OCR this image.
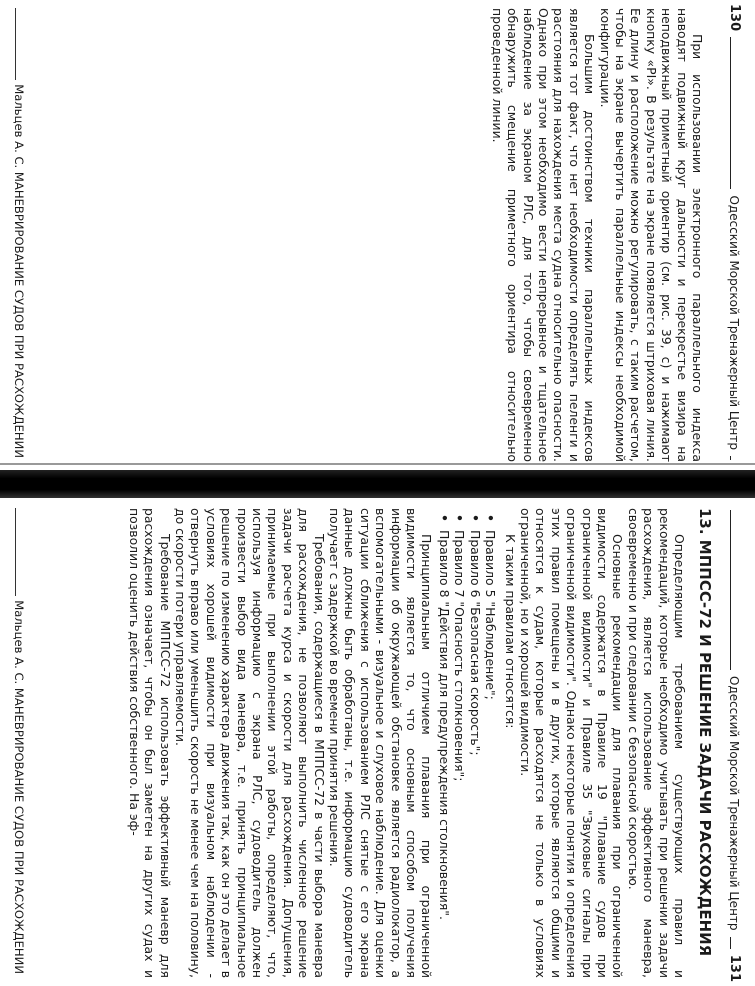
130
Одесский Морской Тренажерный Центр

При использовании электронного параллельного индекса наводят подвижный круг дальности и перекрестье визира на неподвижный приметный ориентир (см. рис. 39, с) и нажимают кнопку «PI». В результате на экране появляется штриховая линия. Ее длину и расположение можно регулировать, с таким расчетом, чтобы на экране вычертить параллельные индексы необходимой конфигурации.

Большим достоинством техники параллельных индексов является тот факт, что нет необходимости определять пеленги и расстояния для нахождения места судна относительно опасности. Однако при этом необходимо вести непрерывное и тщательное наблюдение за экраном РЛС, для того, чтобы своевременно обнаружить смещение приметного ориентира относительно проведенной линии.

Мальцев А. С. МАНЕВРИРОВАНИЕ СУДОВ ПРИ РАСХОЖДЕНИИ
Одесский Морской Тренажерный Центр
131
13. МППСС-72 И РЕШЕНИЕ ЗАДАЧИ РАСХОЖДЕНИЯ

Определяющим требованием существующих правил и рекомендаций, которые необходимо учитывать при решении задачи расхождения, является использование эффективного маневра, своевременно и при следовании с безопасной скоростью.

Основные рекомендации для плавания при ограниченной видимости содержатся в Правиле 19 "Плавание судов при ограниченной видимости" и Правиле 35 "Звуковые сигналы при ограниченной видимости". Однако некоторые понятия и определения этих правил помещены и в других, которые являются общими и относятся к судам, которые расходятся не только в условиях ограниченной, но и хорошей видимости.

К таким правилам относятся:

• Правило 5 "Наблюдение";
• Правило 6 "Безопасная скорость";
• Правило 7 "Опасность столкновения";
• Правило 8 "Действия для предупреждения столкновения".

Принципиальным отличием плавания при ограниченной видимости является то, что основным способом получения информации об окружающей обстановке является радиолокатор, а вспомогательными - визуальное и слуховое наблюдение. Для оценки ситуации сближения с использованием РЛС снятые с его экрана данные должны быть обработаны, т.е. информацию судоводитель получает с задержкой во времени принятия решения.

Требования, содержащиеся в МППСС-72 в части выбора маневра для расхождения, не позволяют выполнить численное решение задачи расчета курса и скорости для расхождения. Допущения, принимаемые при выполнении этой работы, определяют, что, используя информацию с экрана РЛС, судоводитель должен произвести выбор вида маневра, т.е. принять принципиальное решение по изменению характера движения так, как он это делает в условиях хорошей видимости при визуальном наблюдении - отвернуть вправо или уменьшить скорость не менее чем на половину, до скорости потери управляемости.

Требование МППСС-72 использовать эффективный маневр для расхождения означает, чтобы он был заметен на других судах и позволил оценить действия собственного. На эф-

Мальцев А. С. МАНЕВРИРОВАНИЕ СУДОВ ПРИ РАСХОЖДЕНИИ
